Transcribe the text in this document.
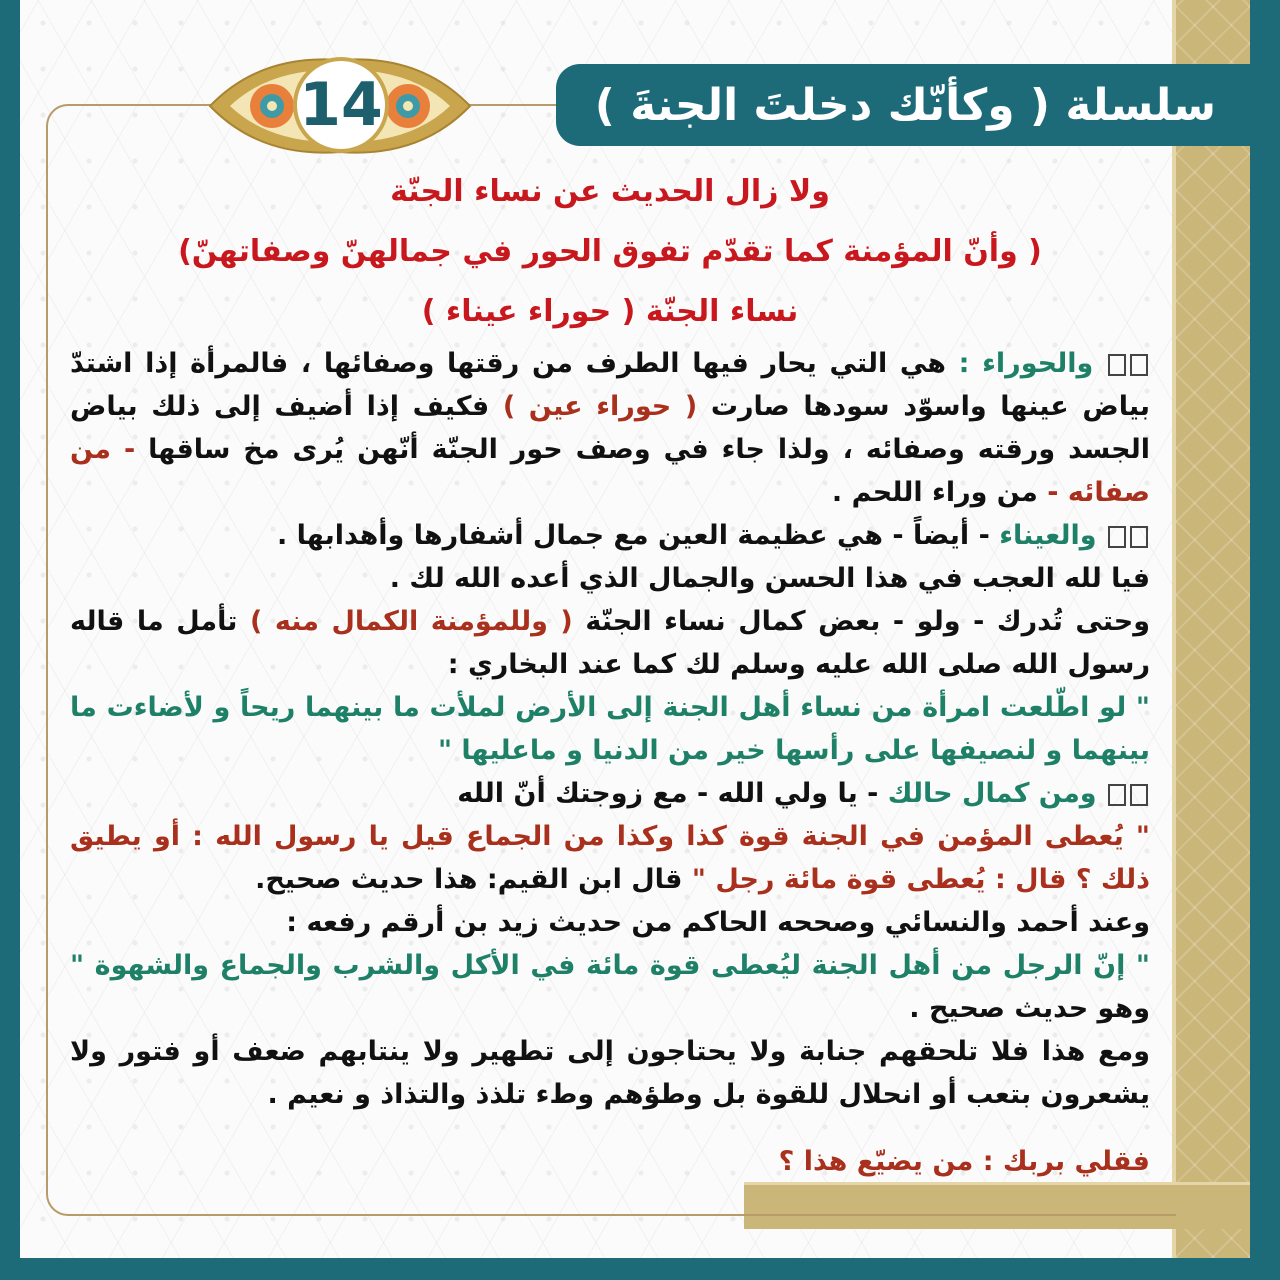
سلسلة ( وكأنّك دخلتَ الجنةَ )
14

ولا زال الحديث عن نساء الجنّة

( وأنّ المؤمنة كما تقدّم تفوق الحور في جمالهنّ وصفاتهنّ)

نساء الجنّة ( حوراء عيناء )

والحوراء : هي التي يحار فيها الطرف من رقتها وصفائها ، فالمرأة إذا اشتدّ بياض عينها واسوّد سودها صارت ( حوراء عين ) فكيف إذا أضيف إلى ذلك بياض الجسد ورقته وصفائه ، ولذا جاء في وصف حور الجنّة أنّهن يُرى مخ ساقها - من صفائه - من وراء اللحم .

والعيناء - أيضاً - هي عظيمة العين مع جمال أشفارها وأهدابها .

فيا لله العجب في هذا الحسن والجمال الذي أعده الله لك .

وحتى تُدرك - ولو - بعض كمال نساء الجنّة ( وللمؤمنة الكمال منه ) تأمل ما قاله رسول الله صلى الله عليه وسلم لك كما عند البخاري :

" لو اطّلعت امرأة من نساء أهل الجنة إلى الأرض لملأت ما بينهما ريحاً و لأضاءت ما بينهما و لنصيفها على رأسها خير من الدنيا و ماعليها "

ومن كمال حالك - يا ولي الله - مع زوجتك أنّ الله

" يُعطى المؤمن في الجنة قوة كذا وكذا من الجماع قيل يا رسول الله : أو يطيق ذلك ؟ قال : يُعطى قوة مائة رجل " قال ابن القيم: هذا حديث صحيح.

وعند أحمد والنسائي وصححه الحاكم من حديث زيد بن أرقم رفعه :

" إنّ الرجل من أهل الجنة ليُعطى قوة مائة في الأكل والشرب والجماع والشهوة " وهو حديث صحيح .

ومع هذا فلا تلحقهم جنابة ولا يحتاجون إلى تطهير ولا ينتابهم ضعف أو فتور ولا يشعرون بتعب أو انحلال للقوة بل وطؤهم وطء تلذذ والتذاذ و نعيم .

فقلي بربك : من يضيّع هذا ؟
